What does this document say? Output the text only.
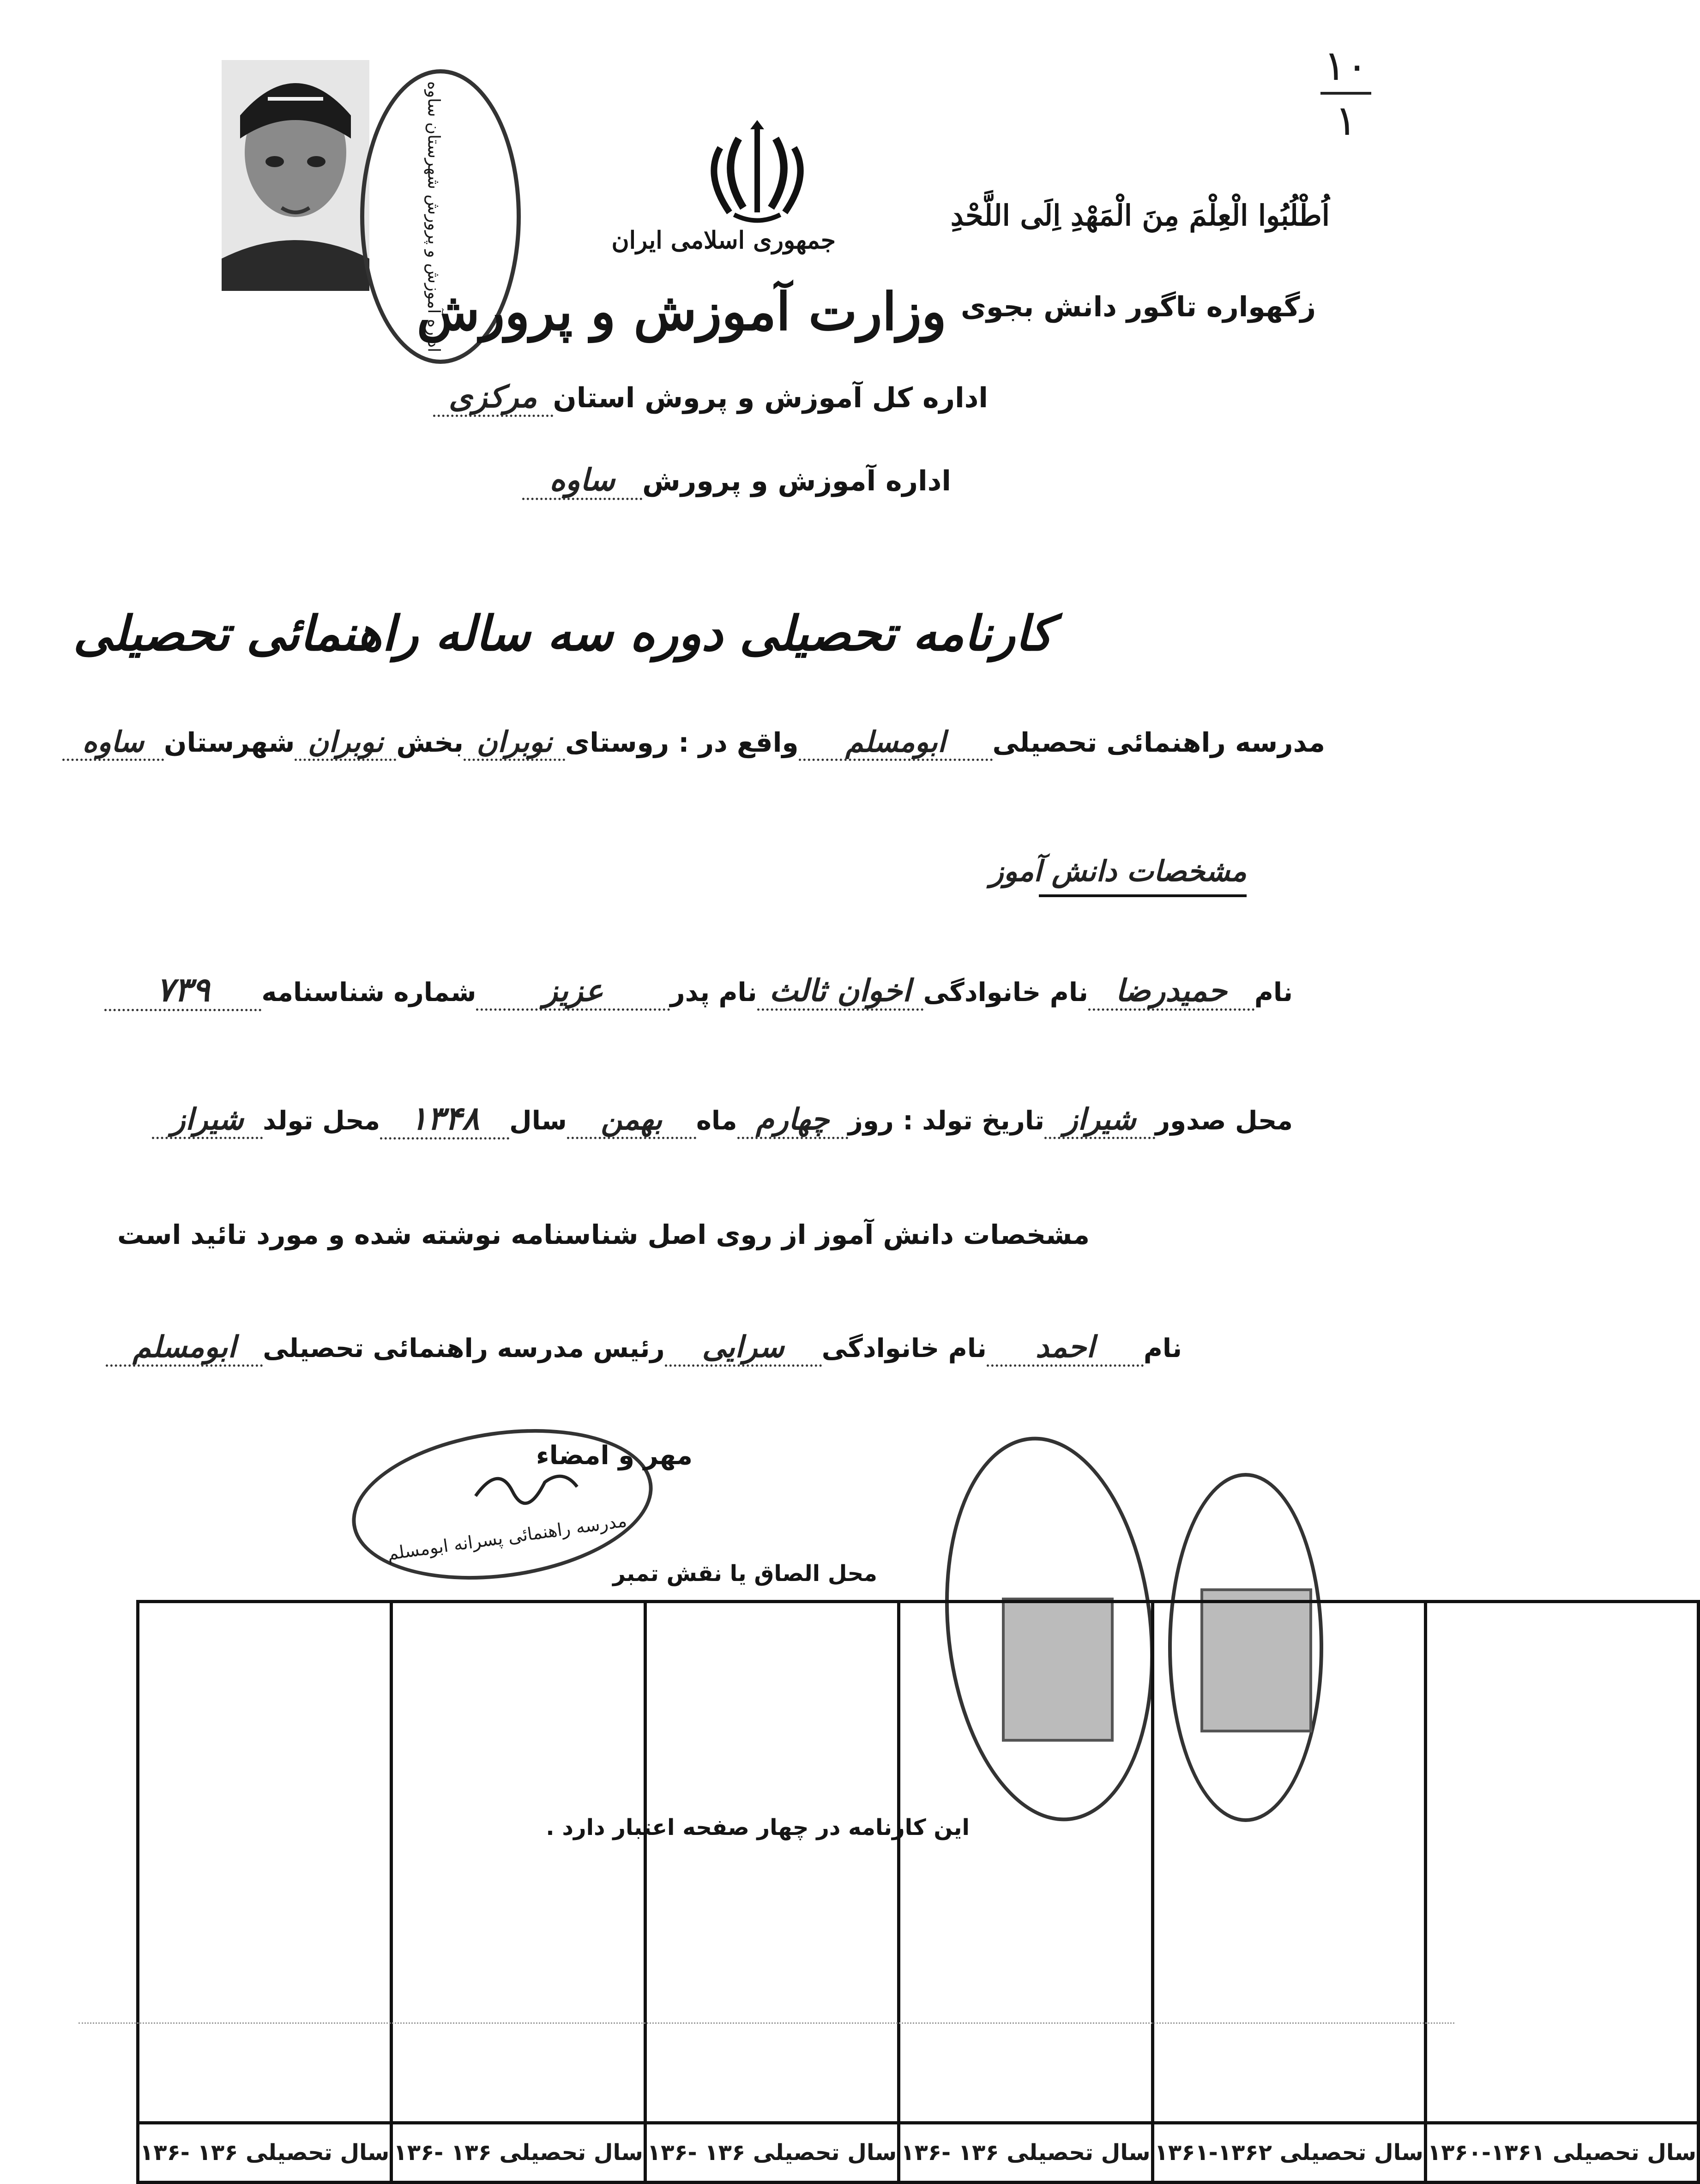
۱۰
۱
اداره آموزش و پرورش شهرستان ساوه	جمهوری اسلامی ایران
وزارت آموزش و پرورش
اُطْلُبُوا الْعِلْمَ مِنَ الْمَهْدِ اِلَى اللَّحْدِ
زگهواره تاگور دانش بجوی
اداره کل آموزش و پروش استانمرکزی
اداره آموزش و پرورشساوه
کارنامه تحصیلی دوره سه ساله راهنمائی تحصیلی
مدرسه راهنمائی تحصیلیابومسلمواقع در : روستاینوبرانبخشنوبرانشهرستانساوه
مشخصات دانش آموز
نامحمیدرضانام خانوادگیاخوان ثالثنام پدرعزیزشماره شناسنامه۷۳۹
محل صدورشیرازتاریخ تولد : روزچهارمماهبهمنسال۱۳۴۸محل تولدشیراز
مشخصات دانش آموز از روی اصل شناسنامه نوشته شده و مورد تائید است
ناماحمدنام خانوادگیسراییرئیس مدرسه راهنمائی تحصیلیابومسلم
مدرسه راهنمائی پسرانه ابومسلم
مهر و امضاء
محل الصاق یا نقش تمبر

سال تحصیلی ۱۳۶۱-۱۳۶۰	سال تحصیلی ۱۳۶۲-۱۳۶۱	سال تحصیلی ۱۳۶ -۱۳۶	سال تحصیلی ۱۳۶ -۱۳۶	سال تحصیلی ۱۳۶ -۱۳۶	سال تحصیلی ۱۳۶ -۱۳۶
این کارنامه در چهار صفحه اعتبار دارد .
